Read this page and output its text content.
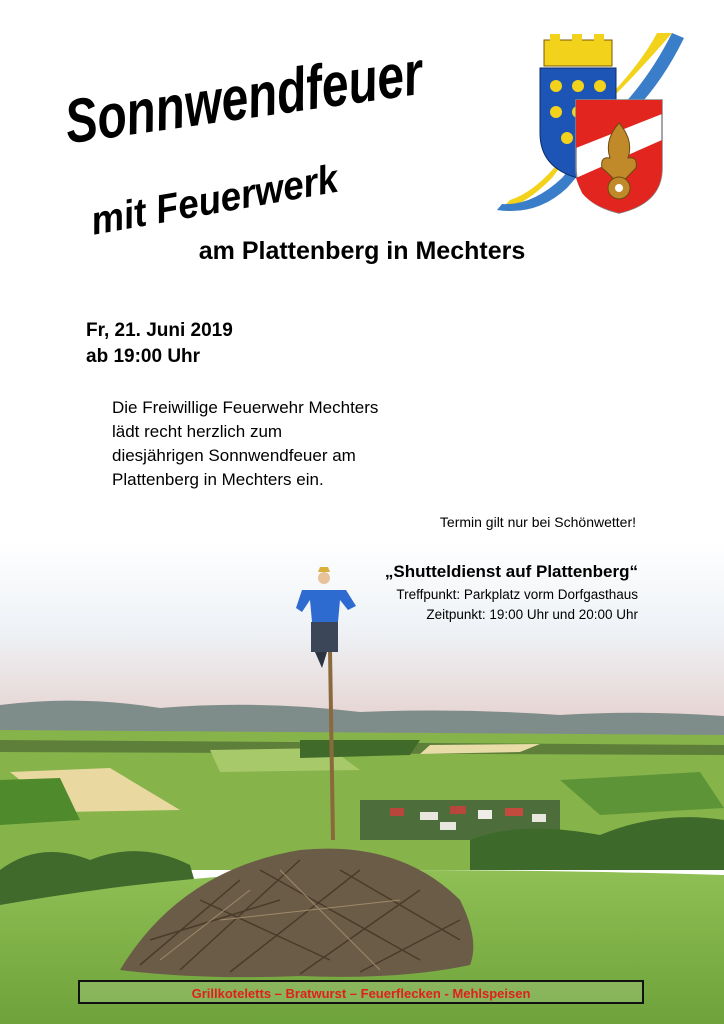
Sonnwendfeuer
mit Feuerwerk
am Plattenberg in Mechters
Fr, 21. Juni 2019
ab 19:00 Uhr
Die Freiwillige Feuerwehr Mechters
lädt recht herzlich zum
diesjährigen Sonnwendfeuer am
Plattenberg in Mechters ein.
Termin gilt nur bei Schönwetter!
„Shutteldienst auf Plattenberg“
Treffpunkt: Parkplatz vorm Dorfgasthaus
Zeitpunkt: 19:00 Uhr und 20:00 Uhr
Grillkoteletts – Bratwurst – Feuerflecken - Mehlspeisen
